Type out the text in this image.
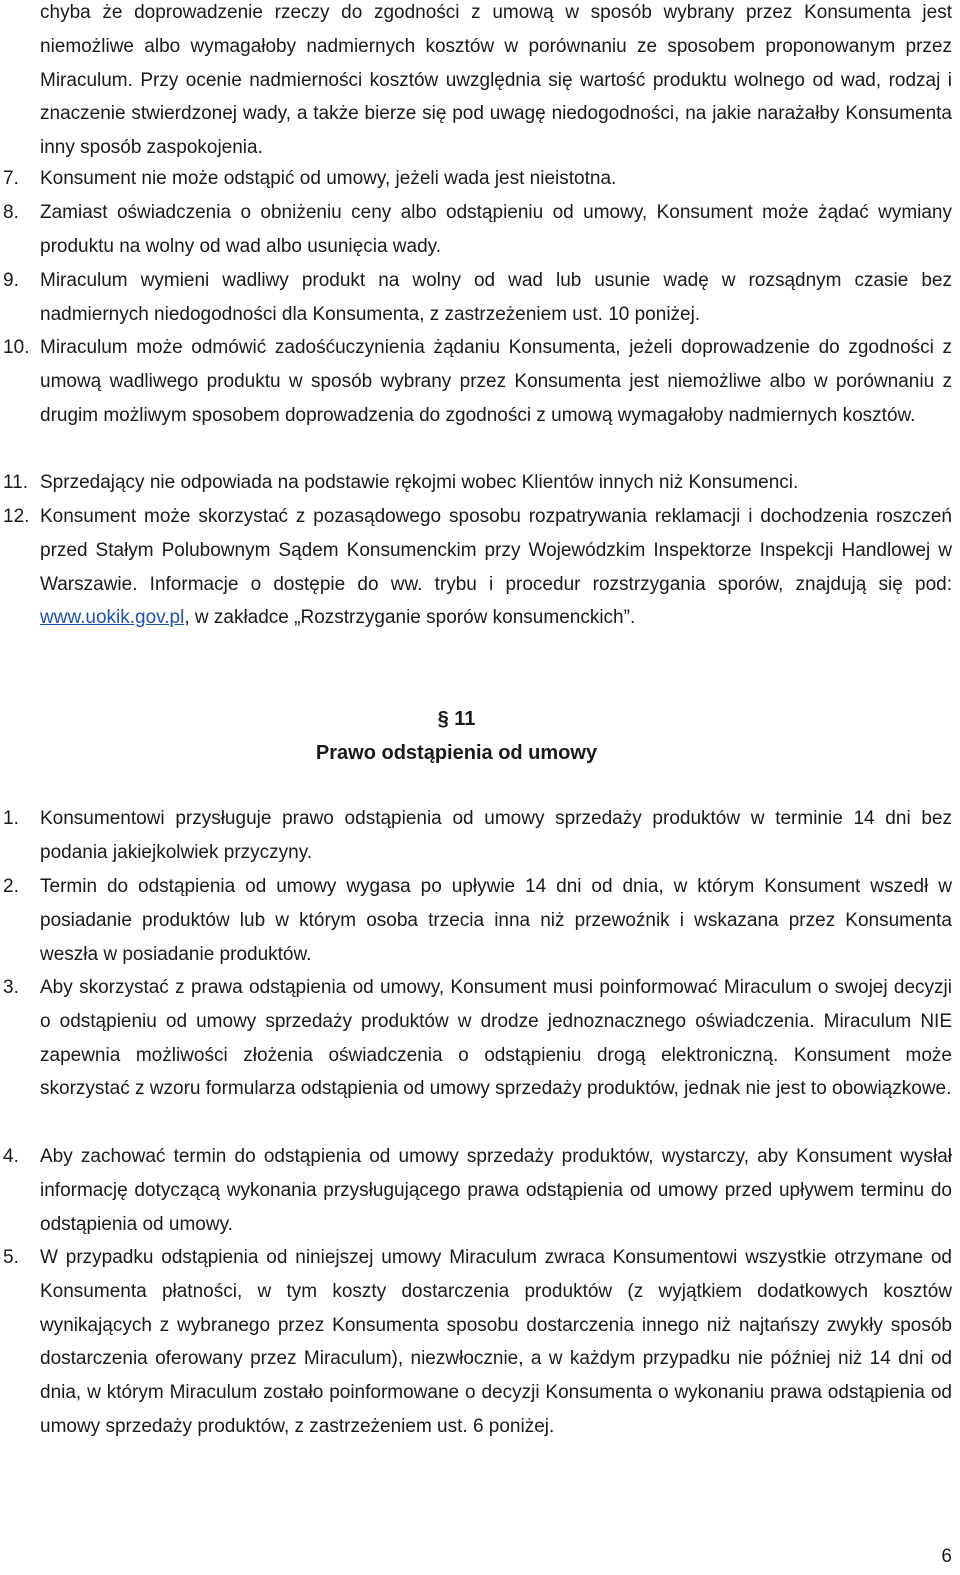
chyba że doprowadzenie rzeczy do zgodności z umową w sposób wybrany przez Konsumenta jest niemożliwe albo wymagałoby nadmiernych kosztów w porównaniu ze sposobem proponowanym przez Miraculum. Przy ocenie nadmierności kosztów uwzględnia się wartość produktu wolnego od wad, rodzaj i znaczenie stwierdzonej wady, a także bierze się pod uwagę niedogodności, na jakie narażałby Konsumenta inny sposób zaspokojenia.

7. Konsument nie może odstąpić od umowy, jeżeli wada jest nieistotna.
8. Zamiast oświadczenia o obniżeniu ceny albo odstąpieniu od umowy, Konsument może żądać wymiany produktu na wolny od wad albo usunięcia wady.
9. Miraculum wymieni wadliwy produkt na wolny od wad lub usunie wadę w rozsądnym czasie bez nadmiernych niedogodności dla Konsumenta, z zastrzeżeniem ust. 10 poniżej.
10. Miraculum może odmówić zadośćuczynienia żądaniu Konsumenta, jeżeli doprowadzenie do zgodności z umową wadliwego produktu w sposób wybrany przez Konsumenta jest niemożliwe albo w porównaniu z drugim możliwym sposobem doprowadzenia do zgodności z umową wymagałoby nadmiernych kosztów.
11. Sprzedający nie odpowiada na podstawie rękojmi wobec Klientów innych niż Konsumenci.
12. Konsument może skorzystać z pozasądowego sposobu rozpatrywania reklamacji i dochodzenia roszczeń przed Stałym Polubownym Sądem Konsumenckim przy Wojewódzkim Inspektorze Inspekcji Handlowej w Warszawie. Informacje o dostępie do ww. trybu i procedur rozstrzygania sporów, znajdują się pod: www.uokik.gov.pl, w zakładce „Rozstrzyganie sporów konsumenckich”.
§ 11
Prawo odstąpienia od umowy
1. Konsumentowi przysługuje prawo odstąpienia od umowy sprzedaży produktów w terminie 14 dni bez podania jakiejkolwiek przyczyny.
2. Termin do odstąpienia od umowy wygasa po upływie 14 dni od dnia, w którym Konsument wszedł w posiadanie produktów lub w którym osoba trzecia inna niż przewoźnik i wskazana przez Konsumenta weszła w posiadanie produktów.
3. Aby skorzystać z prawa odstąpienia od umowy, Konsument musi poinformować Miraculum o swojej decyzji o odstąpieniu od umowy sprzedaży produktów w drodze jednoznacznego oświadczenia. Miraculum NIE zapewnia możliwości złożenia oświadczenia o odstąpieniu drogą elektroniczną. Konsument może skorzystać z wzoru formularza odstąpienia od umowy sprzedaży produktów, jednak nie jest to obowiązkowe.
4. Aby zachować termin do odstąpienia od umowy sprzedaży produktów, wystarczy, aby Konsument wysłał informację dotyczącą wykonania przysługującego prawa odstąpienia od umowy przed upływem terminu do odstąpienia od umowy.
5. W przypadku odstąpienia od niniejszej umowy Miraculum zwraca Konsumentowi wszystkie otrzymane od Konsumenta płatności, w tym koszty dostarczenia produktów (z wyjątkiem dodatkowych kosztów wynikających z wybranego przez Konsumenta sposobu dostarczenia innego niż najtańszy zwykły sposób dostarczenia oferowany przez Miraculum), niezwłocznie, a w każdym przypadku nie później niż 14 dni od dnia, w którym Miraculum zostało poinformowane o decyzji Konsumenta o wykonaniu prawa odstąpienia od umowy sprzedaży produktów, z zastrzeżeniem ust. 6 poniżej.
6
